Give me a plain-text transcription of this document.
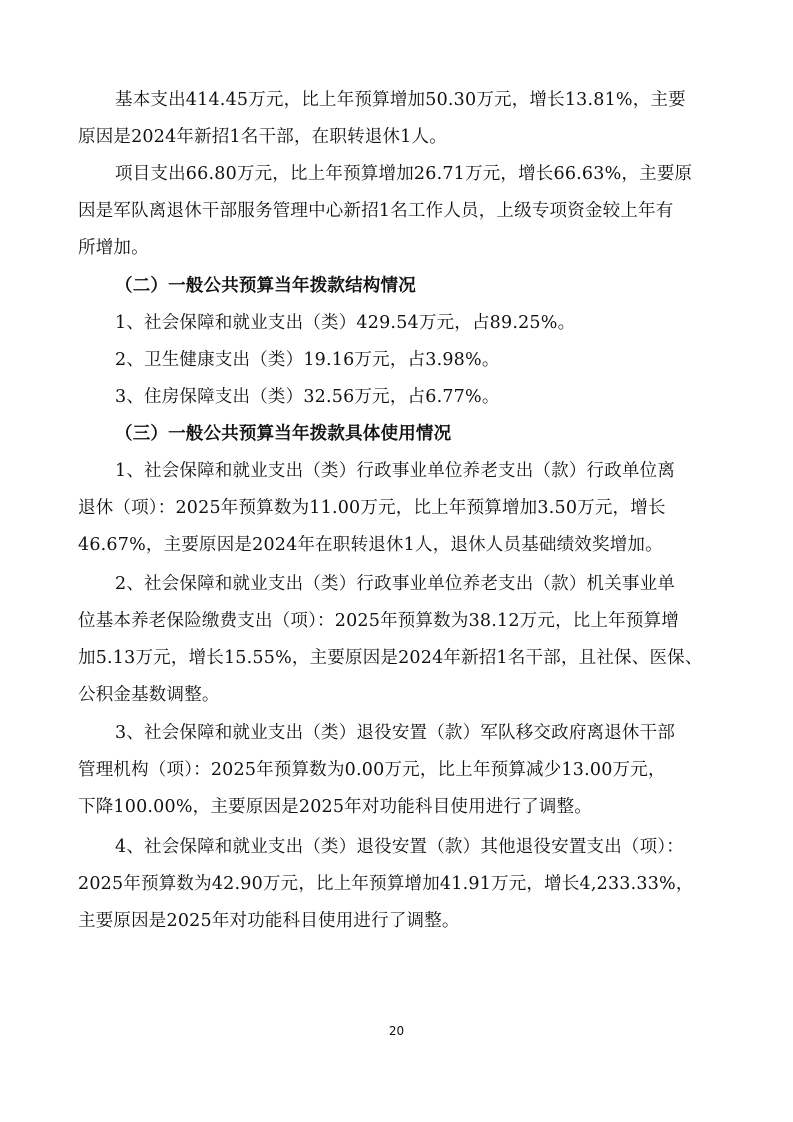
基本支出414.45万元，比上年预算增加50.30万元，增长13.81%，主要
原因是2024年新招1名干部，在职转退休1人。
项目支出66.80万元，比上年预算增加26.71万元，增长66.63%，主要原
因是军队离退休干部服务管理中心新招1名工作人员，上级专项资金较上年有
所增加。
（二）一般公共预算当年拨款结构情况
1、社会保障和就业支出（类）429.54万元，占89.25%。
2、卫生健康支出（类）19.16万元，占3.98%。
3、住房保障支出（类）32.56万元，占6.77%。
（三）一般公共预算当年拨款具体使用情况
1、社会保障和就业支出（类）行政事业单位养老支出（款）行政单位离
退休（项）：2025年预算数为11.00万元，比上年预算增加3.50万元，增长
46.67%，主要原因是2024年在职转退休1人，退休人员基础绩效奖增加。
2、社会保障和就业支出（类）行政事业单位养老支出（款）机关事业单
位基本养老保险缴费支出（项）：2025年预算数为38.12万元，比上年预算增
加5.13万元，增长15.55%，主要原因是2024年新招1名干部，且社保、医保、
公积金基数调整。
3、社会保障和就业支出（类）退役安置（款）军队移交政府离退休干部
管理机构（项）：2025年预算数为0.00万元，比上年预算减少13.00万元，
下降100.00%，主要原因是2025年对功能科目使用进行了调整。
4、社会保障和就业支出（类）退役安置（款）其他退役安置支出（项）：
2025年预算数为42.90万元，比上年预算增加41.91万元，增长4,233.33%，
主要原因是2025年对功能科目使用进行了调整。
20
